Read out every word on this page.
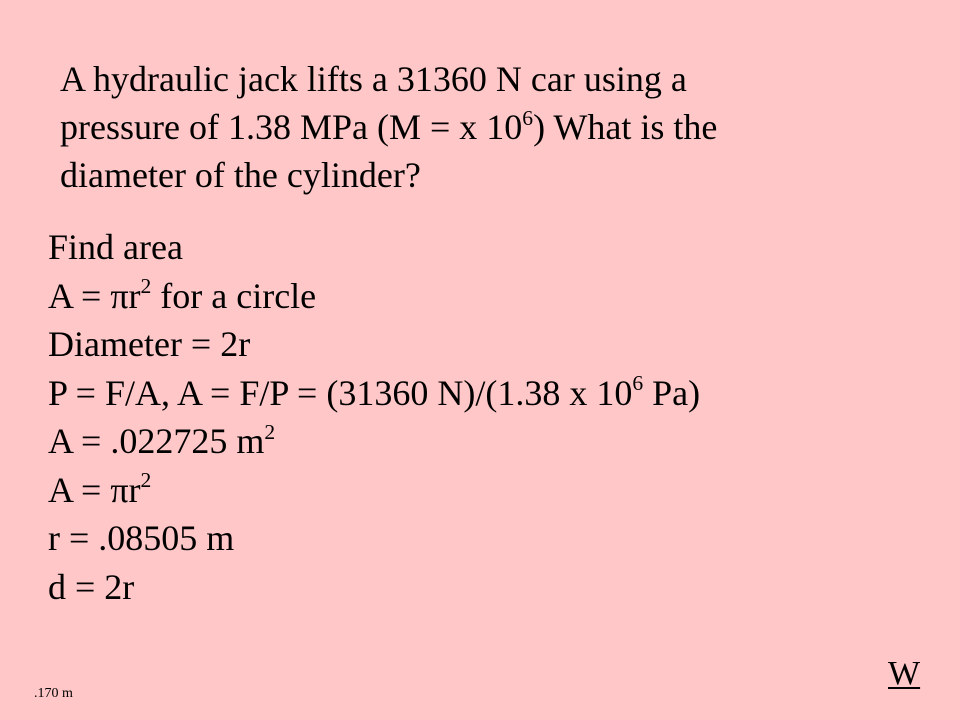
A hydraulic jack lifts a 31360 N car using a

pressure of 1.38 MPa (M = x $10^6$) What is the

diameter of the cylinder?

Find area

$A = \pi r^2$ for a circle

Diameter = 2r

P = F/A, A = F/P = (31360 N)/(1.38 x $10^6$ Pa)

A = .022725 $m^2$

$A = \pi r^2$

r = .08505 m

d = 2r

.170 m
W
